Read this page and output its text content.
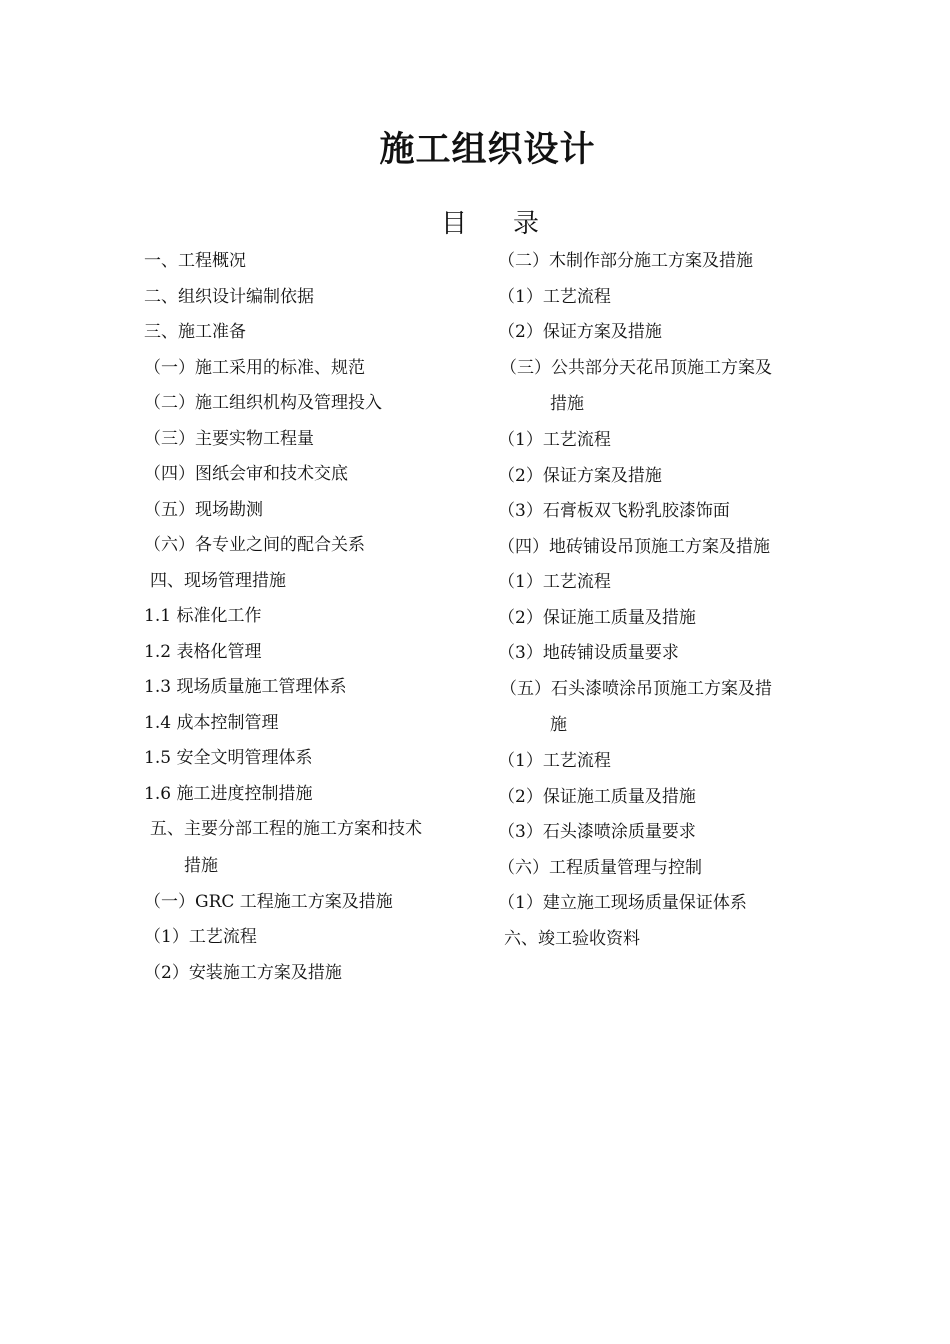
施工组织设计
目 录
一、工程概况
二、组织设计编制依据
三、施工准备
（一）施工采用的标准、规范
（二）施工组织机构及管理投入
（三）主要实物工程量
（四）图纸会审和技术交底
（五）现场勘测
（六）各专业之间的配合关系
四、现场管理措施
1.1 标准化工作
1.2 表格化管理
1.3 现场质量施工管理体系
1.4 成本控制管理
1.5 安全文明管理体系
1.6 施工进度控制措施
五、主要分部工程的施工方案和技术
措施
（一）GRC 工程施工方案及措施
（1）工艺流程
（2）安装施工方案及措施
（二）木制作部分施工方案及措施
（1）工艺流程
（2）保证方案及措施
（三）公共部分天花吊顶施工方案及
措施
（1）工艺流程
（2）保证方案及措施
（3）石膏板双飞粉乳胶漆饰面
（四）地砖铺设吊顶施工方案及措施
（1）工艺流程
（2）保证施工质量及措施
（3）地砖铺设质量要求
（五）石头漆喷涂吊顶施工方案及措
施
（1）工艺流程
（2）保证施工质量及措施
（3）石头漆喷涂质量要求
（六）工程质量管理与控制
（1）建立施工现场质量保证体系
六、竣工验收资料
